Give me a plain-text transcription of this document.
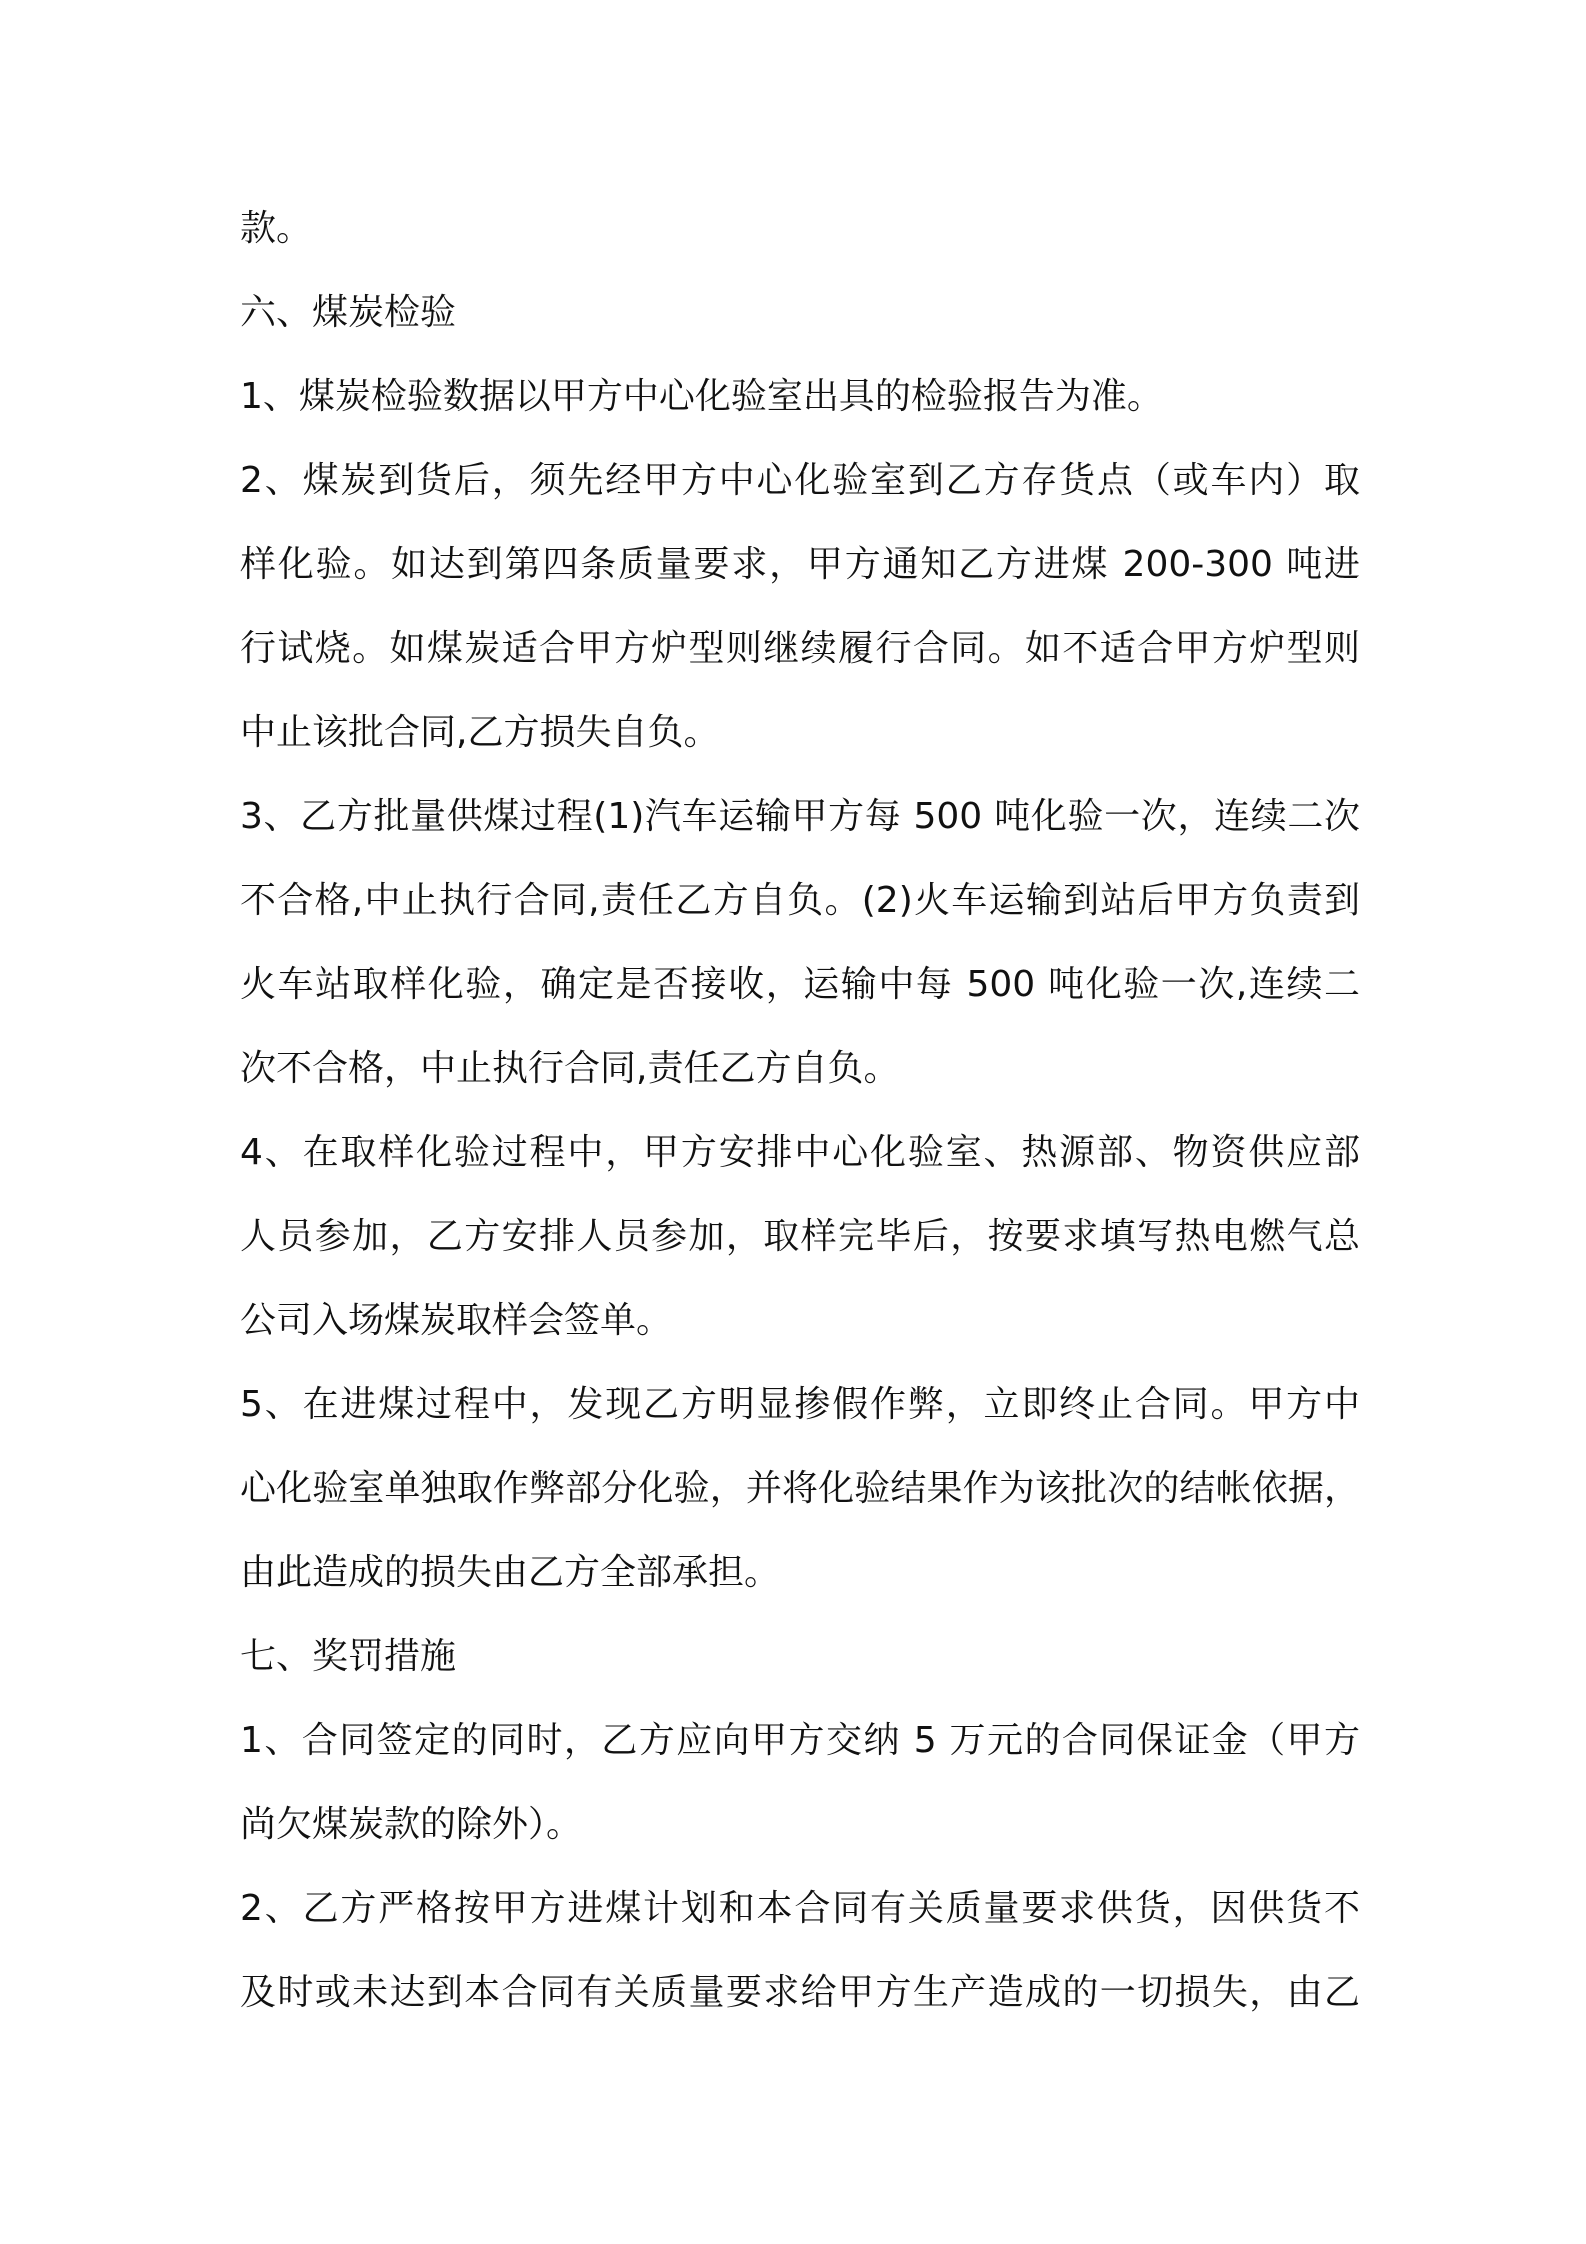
款。
六、煤炭检验
1、煤炭检验数据以甲方中心化验室出具的检验报告为准。
2、煤炭到货后，须先经甲方中心化验室到乙方存货点（或车内）取
样化验。如达到第四条质量要求，甲方通知乙方进煤 200-300 吨进
行试烧。如煤炭适合甲方炉型则继续履行合同。如不适合甲方炉型则
中止该批合同,乙方损失自负。
3、乙方批量供煤过程(1)汽车运输甲方每 500 吨化验一次，连续二次
不合格,中止执行合同,责任乙方自负。(2)火车运输到站后甲方负责到
火车站取样化验，确定是否接收，运输中每 500 吨化验一次,连续二
次不合格，中止执行合同,责任乙方自负。
4、在取样化验过程中，甲方安排中心化验室、热源部、物资供应部
人员参加，乙方安排人员参加，取样完毕后，按要求填写热电燃气总
公司入场煤炭取样会签单。
5、在进煤过程中，发现乙方明显掺假作弊，立即终止合同。甲方中
心化验室单独取作弊部分化验，并将化验结果作为该批次的结帐依据，
由此造成的损失由乙方全部承担。
七、奖罚措施
1、合同签定的同时，乙方应向甲方交纳 5 万元的合同保证金（甲方
尚欠煤炭款的除外）。
2、乙方严格按甲方进煤计划和本合同有关质量要求供货，因供货不
及时或未达到本合同有关质量要求给甲方生产造成的一切损失，由乙
